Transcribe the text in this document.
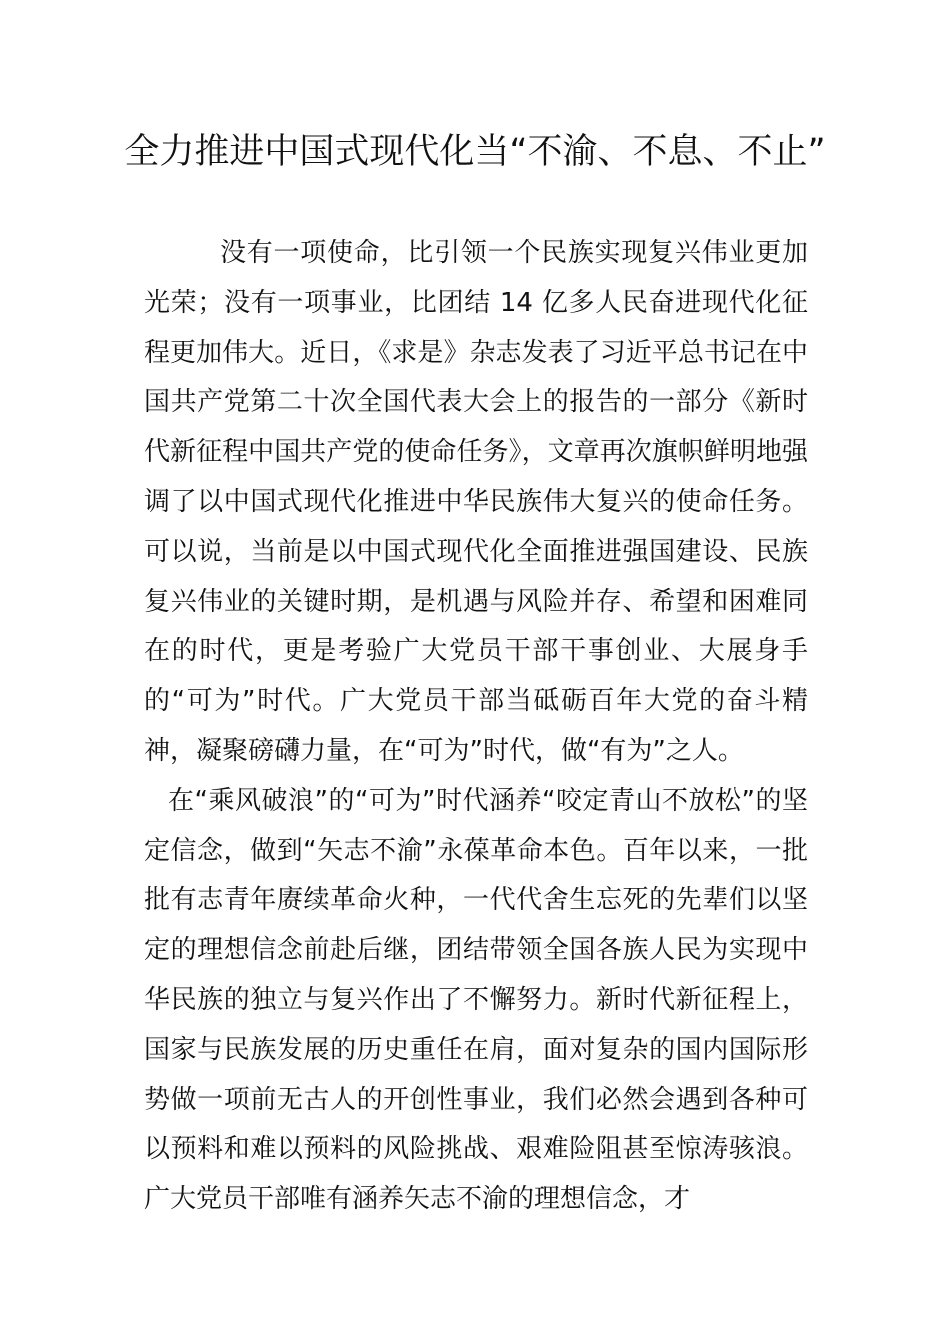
全力推进中国式现代化当“不渝、不息、不止”

没有一项使命，比引领一个民族实现复兴伟业更加光荣；没有一项事业，比团结 14 亿多人民奋进现代化征程更加伟大。近日，《求是》杂志发表了习近平总书记在中国共产党第二十次全国代表大会上的报告的一部分《新时代新征程中国共产党的使命任务》，文章再次旗帜鲜明地强调了以中国式现代化推进中华民族伟大复兴的使命任务。可以说，当前是以中国式现代化全面推进强国建设、民族复兴伟业的关键时期，是机遇与风险并存、希望和困难同在的时代，更是考验广大党员干部干事创业、大展身手的“可为”时代。广大党员干部当砥砺百年大党的奋斗精神，凝聚磅礴力量，在“可为”时代，做“有为”之人。

在“乘风破浪”的“可为”时代涵养“咬定青山不放松”的坚定信念，做到“矢志不渝”永葆革命本色。百年以来，一批批有志青年赓续革命火种，一代代舍生忘死的先辈们以坚定的理想信念前赴后继，团结带领全国各族人民为实现中华民族的独立与复兴作出了不懈努力。新时代新征程上，国家与民族发展的历史重任在肩，面对复杂的国内国际形势做一项前无古人的开创性事业，我们必然会遇到各种可以预料和难以预料的风险挑战、艰难险阻甚至惊涛骇浪。广大党员干部唯有涵养矢志不渝的理想信念，才
